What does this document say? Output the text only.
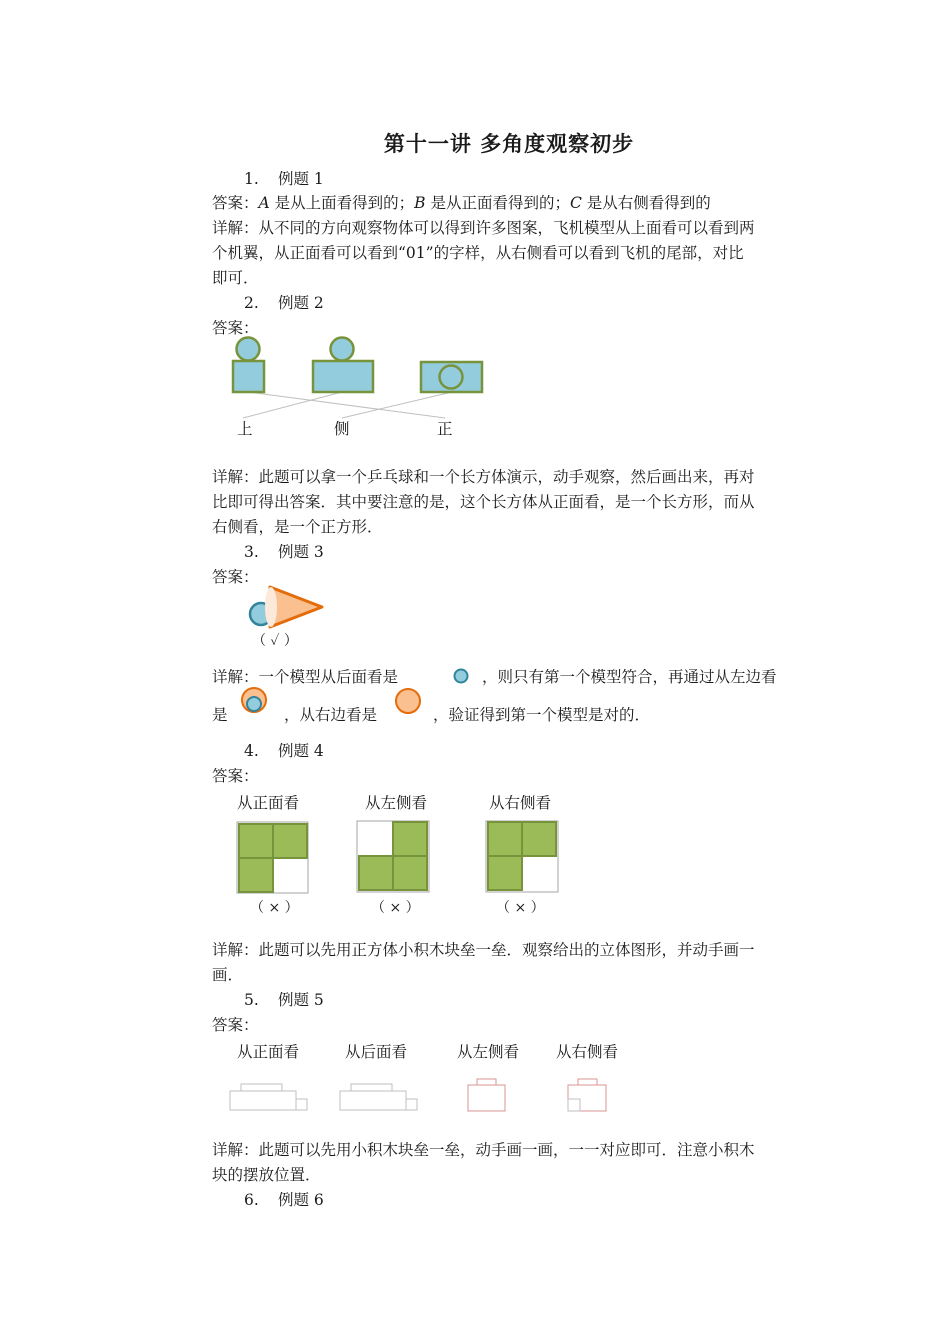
第十一讲 多角度观察初步
1. 例题 1
答案：A 是从上面看得到的；B 是从正面看得到的；C 是从右侧看得到的
详解：从不同的方向观察物体可以得到许多图案，飞机模型从上面看可以看到两
个机翼，从正面看可以看到“01”的字样，从右侧看可以看到飞机的尾部，对比
即可．
2. 例题 2
答案：
上	侧	正
详解：此题可以拿一个乒乓球和一个长方体演示，动手观察，然后画出来，再对
比即可得出答案．其中要注意的是，这个长方体从正面看，是一个长方形，而从
右侧看，是一个正方形．
3. 例题 3
答案：
（ ✓ ）
详解：一个模型从后面看是	，则只有第一个模型符合，再通过从左边看
是	，从右边看是	，验证得到第一个模型是对的．
4. 例题 4
答案：
从正面看	从左侧看	从右侧看
（ × ）	（ × ）	（ × ）
详解：此题可以先用正方体小积木块垒一垒．观察给出的立体图形，并动手画一
画．
5. 例题 5
答案：
从正面看	从后面看	从左侧看 从右侧看
详解：此题可以先用小积木块垒一垒，动手画一画，一一对应即可．注意小积木
块的摆放位置．
6. 例题 6
